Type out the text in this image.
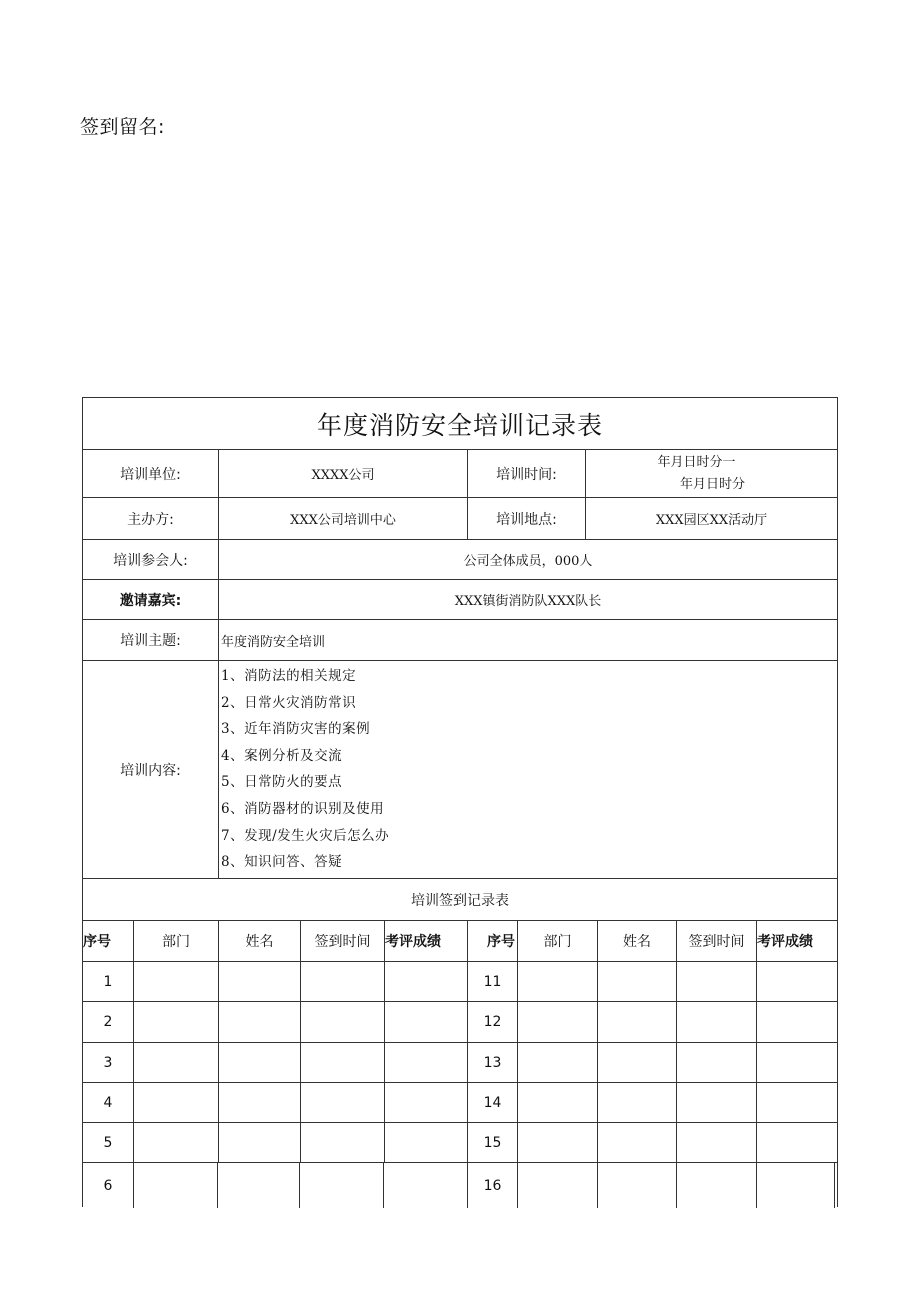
签到留名:
年度消防安全培训记录表
培训单位:	XXXX公司	培训时间:
年月日时分一
年月日时分
主办方:	XXX公司培训中心	培训地点:	XXX园区XX活动厅
培训参会人:	公司全体成员，000人
邀请嘉宾:	XXX镇街消防队XXX队长
培训主题:	年度消防安全培训
培训内容:
1、消防法的相关规定
2、日常火灾消防常识
3、近年消防灾害的案例
4、案例分析及交流
5、日常防火的要点
6、消防器材的识别及使用
7、发现/发生火灾后怎么办
8、知识问答、答疑
培训签到记录表
序号	部门	姓名	签到时间	考评成绩	序号	部门	姓名	签到时间 考评成绩
1	11
2	12
3	13
4	14
5	15
6	16
